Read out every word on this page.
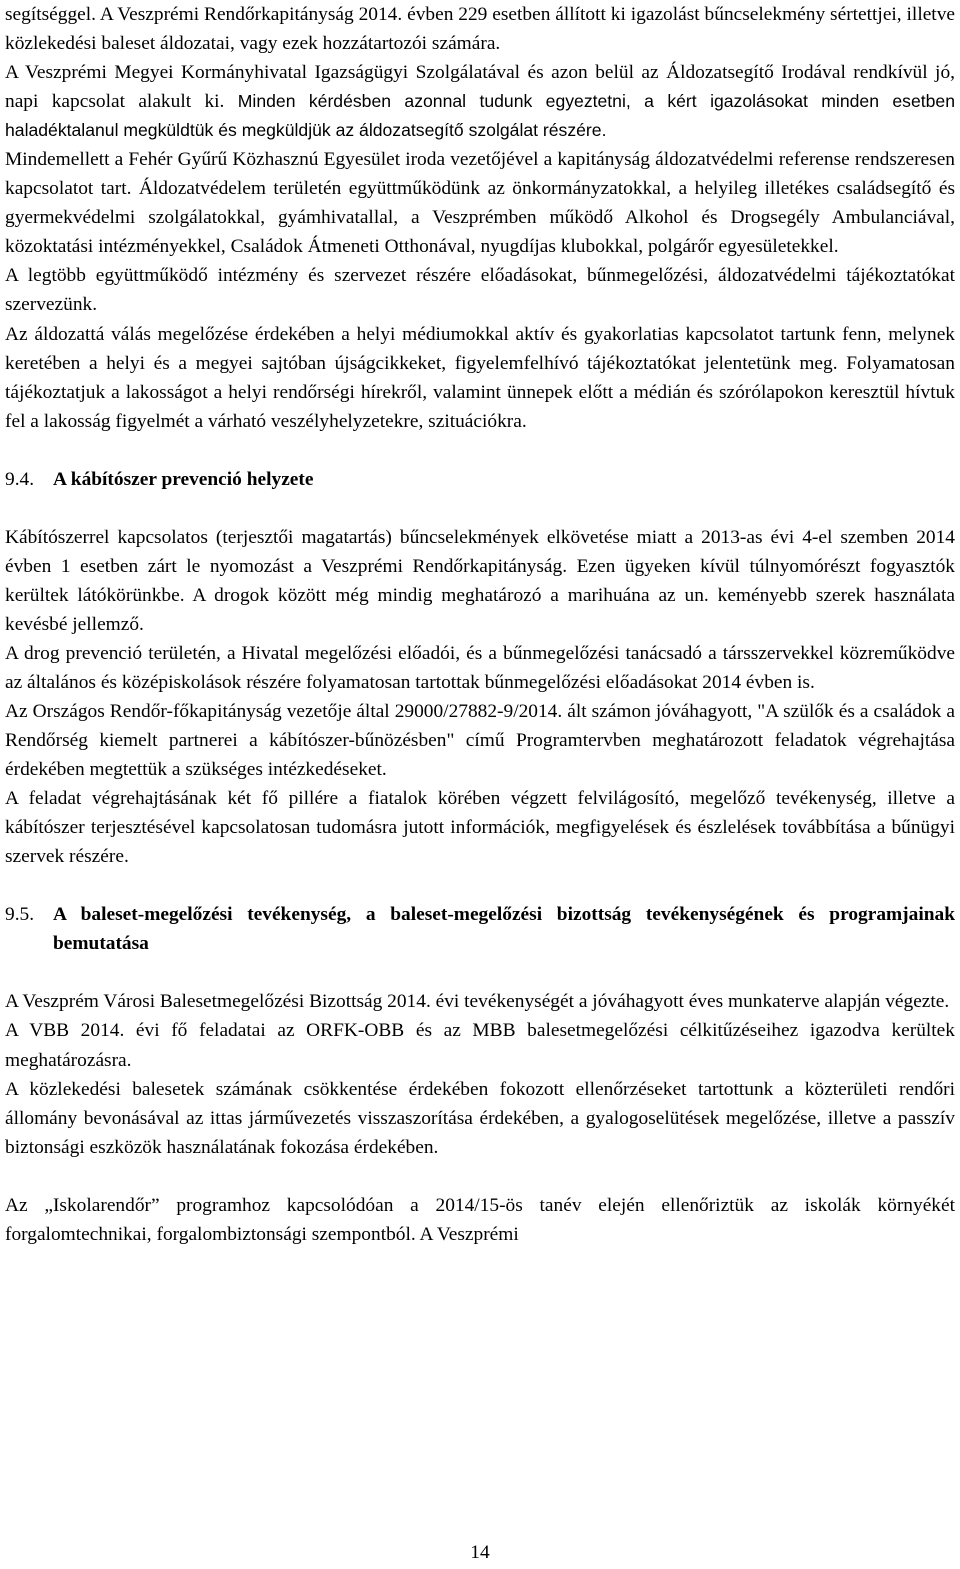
segítséggel. A Veszprémi Rendőrkapitányság 2014. évben 229 esetben állított ki igazolást bűncselekmény sértettjei, illetve közlekedési baleset áldozatai, vagy ezek hozzátartozói számára.

A Veszprémi Megyei Kormányhivatal Igazságügyi Szolgálatával és azon belül az Áldozatsegítő Irodával rendkívül jó, napi kapcsolat alakult ki. Minden kérdésben azonnal tudunk egyeztetni, a kért igazolásokat minden esetben haladéktalanul megküldtük és megküldjük az áldozatsegítő szolgálat részére.

Mindemellett a Fehér Gyűrű Közhasznú Egyesület iroda vezetőjével a kapitányság áldozatvédelmi referense rendszeresen kapcsolatot tart. Áldozatvédelem területén együttműködünk az önkormányzatokkal, a helyileg illetékes családsegítő és gyermekvédelmi szolgálatokkal, gyámhivatallal, a Veszprémben működő Alkohol és Drogsegély Ambulanciával, közoktatási intézményekkel, Családok Átmeneti Otthonával, nyugdíjas klubokkal, polgárőr egyesületekkel.

A legtöbb együttműködő intézmény és szervezet részére előadásokat, bűnmegelőzési, áldozatvédelmi tájékoztatókat szervezünk.

Az áldozattá válás megelőzése érdekében a helyi médiumokkal aktív és gyakorlatias kapcsolatot tartunk fenn, melynek keretében a helyi és a megyei sajtóban újságcikkeket, figyelemfelhívó tájékoztatókat jelentetünk meg. Folyamatosan tájékoztatjuk a lakosságot a helyi rendőrségi hírekről, valamint ünnepek előtt a médián és szórólapokon keresztül hívtuk fel a lakosság figyelmét a várható veszélyhelyzetekre, szituációkra.

9.4. A kábítószer prevenció helyzete

Kábítószerrel kapcsolatos (terjesztői magatartás) bűncselekmények elkövetése miatt a 2013-as évi 4-el szemben 2014 évben 1 esetben zárt le nyomozást a Veszprémi Rendőrkapitányság. Ezen ügyeken kívül túlnyomórészt fogyasztók kerültek látókörünkbe. A drogok között még mindig meghatározó a marihuána az un. keményebb szerek használata kevésbé jellemző.

A drog prevenció területén, a Hivatal megelőzési előadói, és a bűnmegelőzési tanácsadó a társszervekkel közreműködve az általános és középiskolások részére folyamatosan tartottak bűnmegelőzési előadásokat 2014 évben is.

Az Országos Rendőr-főkapitányság vezetője által 29000/27882-9/2014. ált számon jóváhagyott, "A szülők és a családok a Rendőrség kiemelt partnerei a kábítószer-bűnözésben" című Programtervben meghatározott feladatok végrehajtása érdekében megtettük a szükséges intézkedéseket.

A feladat végrehajtásának két fő pillére a fiatalok körében végzett felvilágosító, megelőző tevékenység, illetve a kábítószer terjesztésével kapcsolatosan tudomásra jutott információk, megfigyelések és észlelések továbbítása a bűnügyi szervek részére.

9.5. A baleset-megelőzési tevékenység, a baleset-megelőzési bizottság tevékenységének és programjainak bemutatása

A Veszprém Városi Balesetmegelőzési Bizottság 2014. évi tevékenységét a jóváhagyott éves munkaterve alapján végezte.

A VBB 2014. évi fő feladatai az ORFK-OBB és az MBB balesetmegelőzési célkitűzéseihez igazodva kerültek meghatározásra.

A közlekedési balesetek számának csökkentése érdekében fokozott ellenőrzéseket tartottunk a közterületi rendőri állomány bevonásával az ittas járművezetés visszaszorítása érdekében, a gyalogoselütések megelőzése, illetve a passzív biztonsági eszközök használatának fokozása érdekében.

Az „Iskolarendőr” programhoz kapcsolódóan a 2014/15-ös tanév elején ellenőriztük az iskolák környékét forgalomtechnikai, forgalombiztonsági szempontból. A Veszprémi

14
